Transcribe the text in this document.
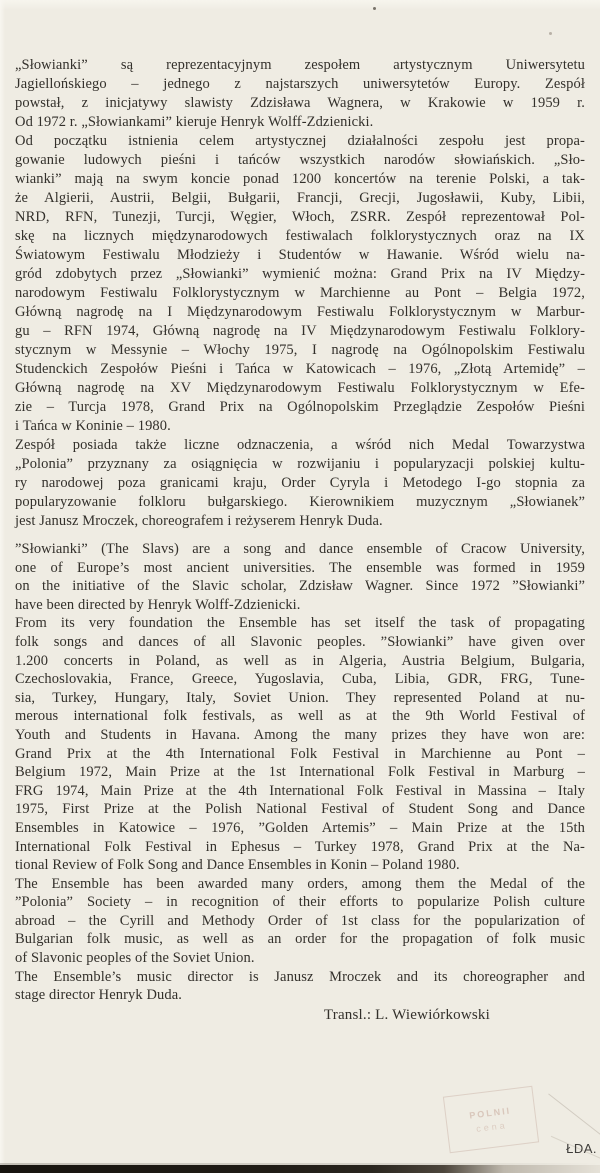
„Słowianki” są reprezentacyjnym zespołem artystycznym Uniwersytetu
Jagiellońskiego – jednego z najstarszych uniwersytetów Europy. Zespół
powstał, z inicjatywy slawisty Zdzisława Wagnera, w Krakowie w 1959 r.
Od 1972 r. „Słowiankami” kieruje Henryk Wolff-Zdzienicki.
Od początku istnienia celem artystycznej działalności zespołu jest propa-
gowanie ludowych pieśni i tańców wszystkich narodów słowiańskich. „Sło-
wianki” mają na swym koncie ponad 1200 koncertów na terenie Polski, a tak-
że Algierii, Austrii, Belgii, Bułgarii, Francji, Grecji, Jugosławii, Kuby, Libii,
NRD, RFN, Tunezji, Turcji, Węgier, Włoch, ZSRR. Zespół reprezentował Pol-
skę na licznych międzynarodowych festiwalach folklorystycznych oraz na IX
Światowym Festiwalu Młodzieży i Studentów w Hawanie. Wśród wielu na-
gród zdobytych przez „Słowianki” wymienić można: Grand Prix na IV Między-
narodowym Festiwalu Folklorystycznym w Marchienne au Pont – Belgia 1972,
Główną nagrodę na I Międzynarodowym Festiwalu Folklorystycznym w Marbur-
gu – RFN 1974, Główną nagrodę na IV Międzynarodowym Festiwalu Folklory-
stycznym w Messynie – Włochy 1975, I nagrodę na Ogólnopolskim Festiwalu
Studenckich Zespołów Pieśni i Tańca w Katowicach – 1976, „Złotą Artemidę” –
Główną nagrodę na XV Międzynarodowym Festiwalu Folklorystycznym w Efe-
zie – Turcja 1978, Grand Prix na Ogólnopolskim Przeglądzie Zespołów Pieśni
i Tańca w Koninie – 1980.
Zespół posiada także liczne odznaczenia, a wśród nich Medal Towarzystwa
„Polonia” przyznany za osiągnięcia w rozwijaniu i popularyzacji polskiej kultu-
ry narodowej poza granicami kraju, Order Cyryla i Metodego I-go stopnia za
popularyzowanie folkloru bułgarskiego. Kierownikiem muzycznym „Słowianek”
jest Janusz Mroczek, choreografem i reżyserem Henryk Duda.
”Słowianki” (The Slavs) are a song and dance ensemble of Cracow University,
one of Europe’s most ancient universities. The ensemble was formed in 1959
on the initiative of the Slavic scholar, Zdzisław Wagner. Since 1972 ”Słowianki”
have been directed by Henryk Wolff-Zdzienicki.
From its very foundation the Ensemble has set itself the task of propagating
folk songs and dances of all Slavonic peoples. ”Słowianki” have given over
1.200 concerts in Poland, as well as in Algeria, Austria Belgium, Bulgaria,
Czechoslovakia, France, Greece, Yugoslavia, Cuba, Libia, GDR, FRG, Tune-
sia, Turkey, Hungary, Italy, Soviet Union. They represented Poland at nu-
merous international folk festivals, as well as at the 9th World Festival of
Youth and Students in Havana. Among the many prizes they have won are:
Grand Prix at the 4th International Folk Festival in Marchienne au Pont –
Belgium 1972, Main Prize at the 1st International Folk Festival in Marburg –
FRG 1974, Main Prize at the 4th International Folk Festival in Massina – Italy
1975, First Prize at the Polish National Festival of Student Song and Dance
Ensembles in Katowice – 1976, ”Golden Artemis” – Main Prize at the 15th
International Folk Festival in Ephesus – Turkey 1978, Grand Prix at the Na-
tional Review of Folk Song and Dance Ensembles in Konin – Poland 1980.
The Ensemble has been awarded many orders, among them the Medal of the
”Polonia” Society – in recognition of their efforts to popularize Polish culture
abroad – the Cyrill and Methody Order of 1st class for the popularization of
Bulgarian folk music, as well as an order for the propagation of folk music
of Slavonic peoples of the Soviet Union.
The Ensemble’s music director is Janusz Mroczek and its choreographer and
stage director Henryk Duda.
Transl.: L. Wiewiórkowski
POLNII
cena
ŁDA.
